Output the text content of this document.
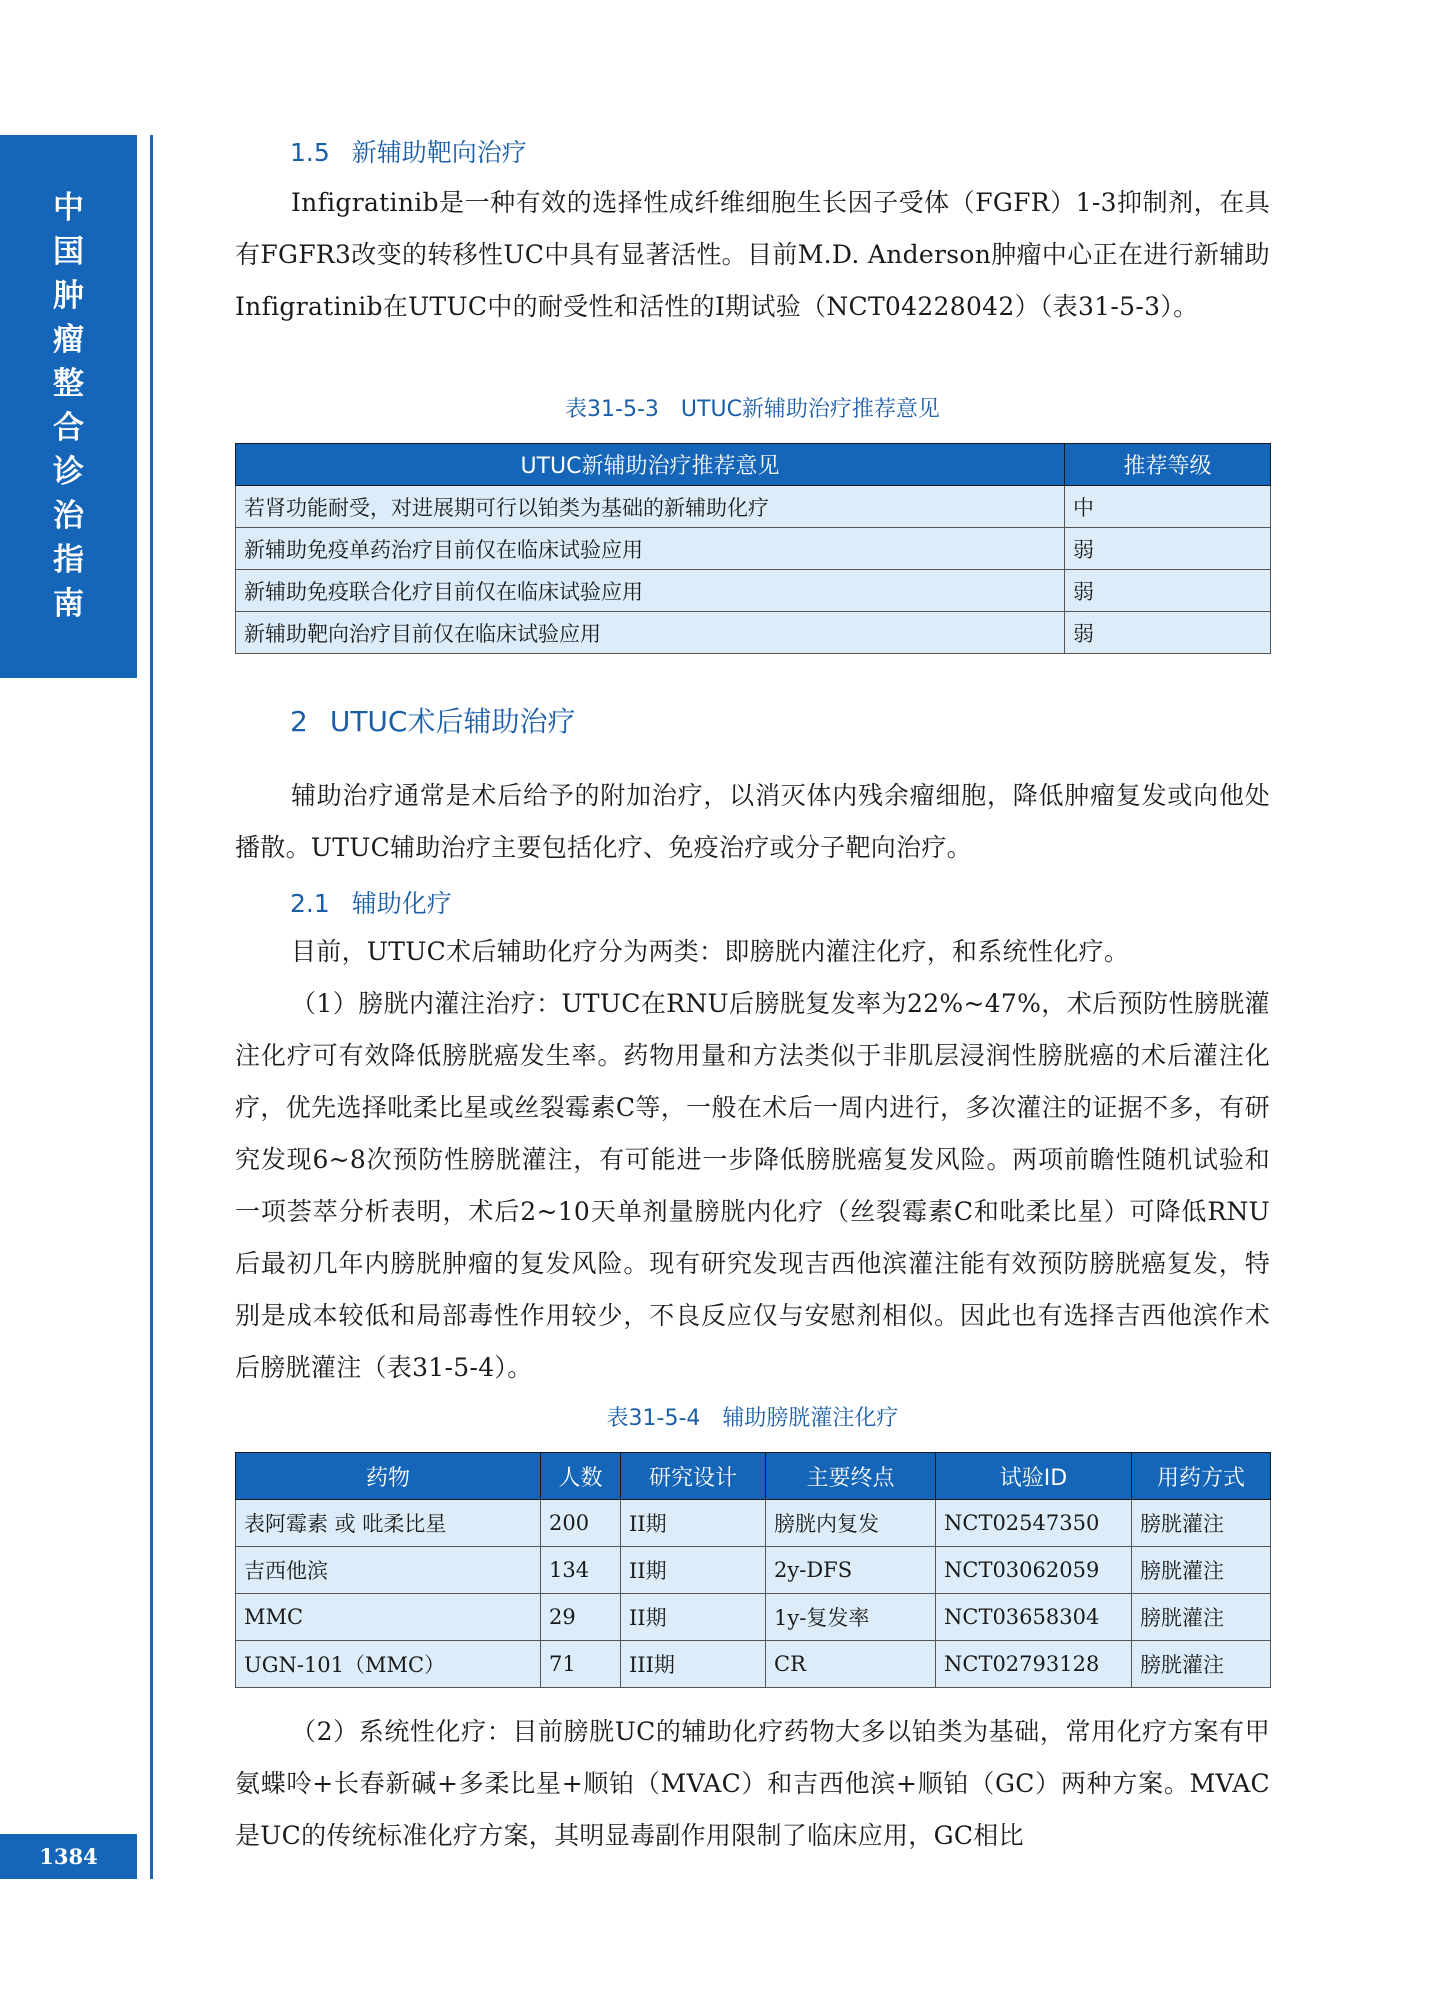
中
国
肿
瘤
整
合
诊
治
指
南
1384
1.5 新辅助靶向治疗
Infigratinib是一种有效的选择性成纤维细胞生长因子受体（FGFR）1-3抑制剂，在具有FGFR3改变的转移性UC中具有显著活性。目前M.D. Anderson肿瘤中心正在进行新辅助Infigratinib在UTUC中的耐受性和活性的I期试验（NCT04228042）（表31-5-3）。
表31-5-3 UTUC新辅助治疗推荐意见
UTUC新辅助治疗推荐意见	推荐等级
若肾功能耐受，对进展期可行以铂类为基础的新辅助化疗	中
新辅助免疫单药治疗目前仅在临床试验应用	弱
新辅助免疫联合化疗目前仅在临床试验应用	弱
新辅助靶向治疗目前仅在临床试验应用	弱
2 UTUC术后辅助治疗
辅助治疗通常是术后给予的附加治疗，以消灭体内残余瘤细胞，降低肿瘤复发或向他处播散。UTUC辅助治疗主要包括化疗、免疫治疗或分子靶向治疗。
2.1 辅助化疗
目前，UTUC术后辅助化疗分为两类：即膀胱内灌注化疗，和系统性化疗。
（1）膀胱内灌注治疗：UTUC在RNU后膀胱复发率为22%~47%，术后预防性膀胱灌注化疗可有效降低膀胱癌发生率。药物用量和方法类似于非肌层浸润性膀胱癌的术后灌注化疗，优先选择吡柔比星或丝裂霉素C等，一般在术后一周内进行，多次灌注的证据不多，有研究发现6~8次预防性膀胱灌注，有可能进一步降低膀胱癌复发风险。两项前瞻性随机试验和一项荟萃分析表明，术后2~10天单剂量膀胱内化疗（丝裂霉素C和吡柔比星）可降低RNU后最初几年内膀胱肿瘤的复发风险。现有研究发现吉西他滨灌注能有效预防膀胱癌复发，特别是成本较低和局部毒性作用较少，不良反应仅与安慰剂相似。因此也有选择吉西他滨作术后膀胱灌注（表31-5-4）。
表31-5-4 辅助膀胱灌注化疗
药物	人数	研究设计	主要终点	试验ID	用药方式
表阿霉素 或 吡柔比星	200	II期	膀胱内复发	NCT02547350	膀胱灌注
吉西他滨	134	II期	2y-DFS	NCT03062059	膀胱灌注
MMC	29	II期	1y-复发率	NCT03658304	膀胱灌注
UGN-101（MMC）	71	III期	CR	NCT02793128	膀胱灌注
（2）系统性化疗：目前膀胱UC的辅助化疗药物大多以铂类为基础，常用化疗方案有甲氨蝶呤+长春新碱+多柔比星+顺铂（MVAC）和吉西他滨+顺铂（GC）两种方案。MVAC是UC的传统标准化疗方案，其明显毒副作用限制了临床应用，GC相比
